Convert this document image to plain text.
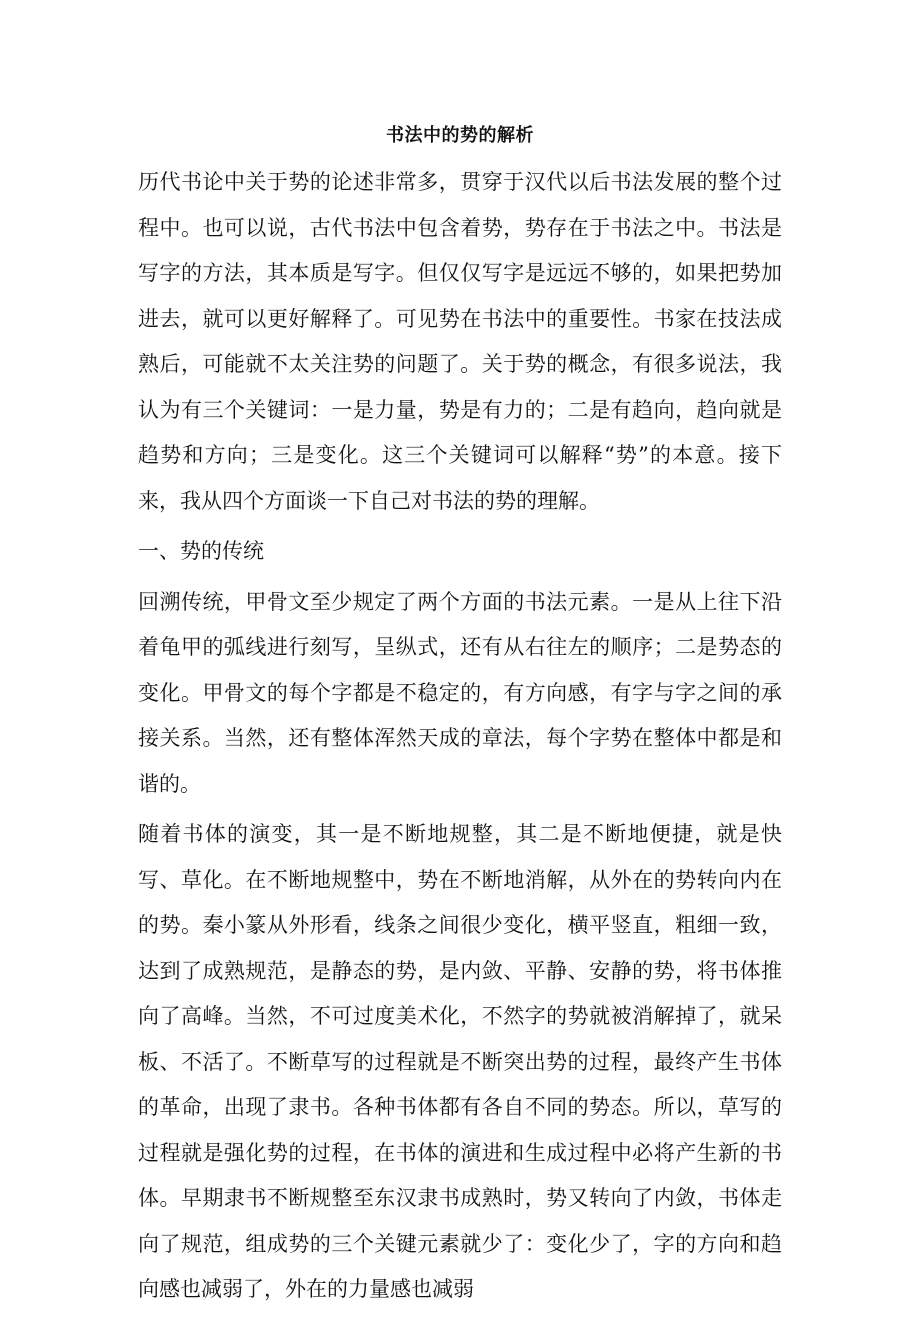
书法中的势的解析

历代书论中关于势的论述非常多，贯穿于汉代以后书法发展的整个过程中。也可以说，古代书法中包含着势，势存在于书法之中。书法是写字的方法，其本质是写字。但仅仅写字是远远不够的，如果把势加进去，就可以更好解释了。可见势在书法中的重要性。书家在技法成熟后，可能就不太关注势的问题了。关于势的概念，有很多说法，我认为有三个关键词：一是力量，势是有力的；二是有趋向，趋向就是趋势和方向；三是变化。这三个关键词可以解释“势”的本意。接下来，我从四个方面谈一下自己对书法的势的理解。

一、势的传统

回溯传统，甲骨文至少规定了两个方面的书法元素。一是从上往下沿着龟甲的弧线进行刻写，呈纵式，还有从右往左的顺序；二是势态的变化。甲骨文的每个字都是不稳定的，有方向感，有字与字之间的承接关系。当然，还有整体浑然天成的章法，每个字势在整体中都是和谐的。

随着书体的演变，其一是不断地规整，其二是不断地便捷，就是快写、草化。在不断地规整中，势在不断地消解，从外在的势转向内在的势。秦小篆从外形看，线条之间很少变化，横平竖直，粗细一致，达到了成熟规范，是静态的势，是内敛、平静、安静的势，将书体推向了高峰。当然，不可过度美术化，不然字的势就被消解掉了，就呆板、不活了。不断草写的过程就是不断突出势的过程，最终产生书体的革命，出现了隶书。各种书体都有各自不同的势态。所以，草写的过程就是强化势的过程，在书体的演进和生成过程中必将产生新的书体。早期隶书不断规整至东汉隶书成熟时，势又转向了内敛，书体走向了规范，组成势的三个关键元素就少了：变化少了，字的方向和趋向感也减弱了，外在的力量感也减弱
